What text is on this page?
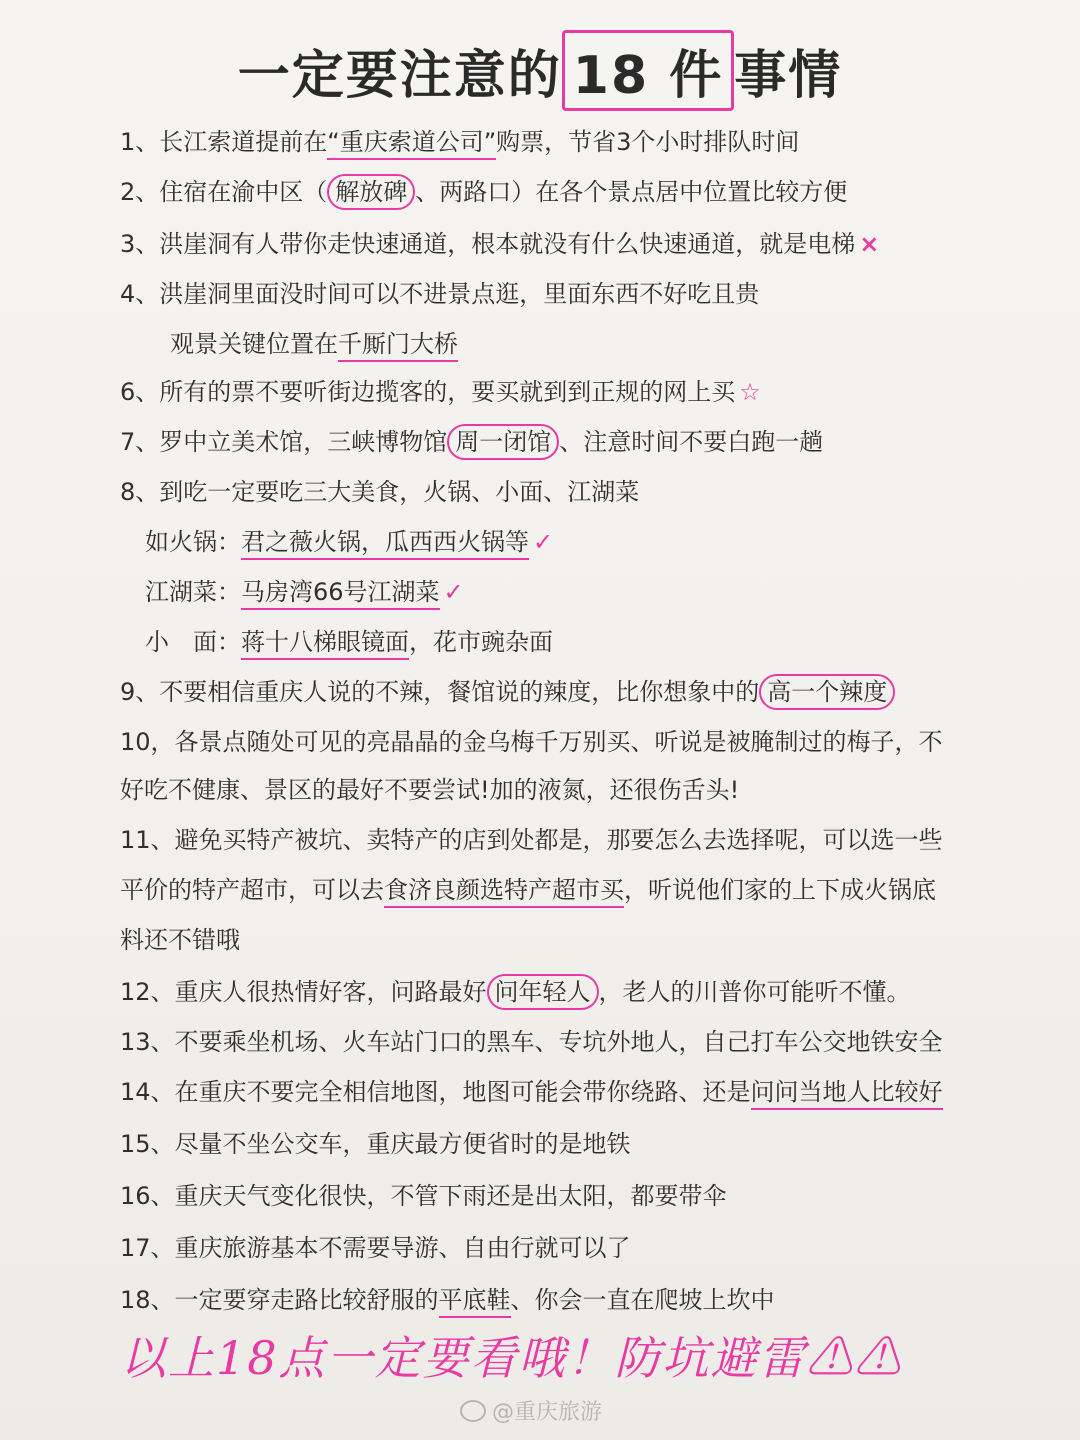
一定要注意的 18 件 事情
1、长江索道提前在“重庆索道公司”购票，节省3个小时排队时间
2、住宿在渝中区（ 解放碑 、两路口）在各个景点居中位置比较方便
3、洪崖洞有人带你走快速通道，根本就没有什么快速通道，就是电梯 ×
4、洪崖洞里面没时间可以不进景点逛，里面东西不好吃且贵
观景关键位置在千厮门大桥
6、所有的票不要听街边揽客的，要买就到到正规的网上买 ☆
7、罗中立美术馆，三峡博物馆 周一闭馆 、注意时间不要白跑一趟
8、到吃一定要吃三大美食，火锅、小面、江湖菜
如火锅：君之薇火锅，瓜西西火锅等 ✓
江湖菜：马房湾66号江湖菜 ✓
小　面：蒋十八梯眼镜面，花市豌杂面
9、不要相信重庆人说的不辣，餐馆说的辣度，比你想象中的 高一个辣度
10，各景点随处可见的亮晶晶的金乌梅千万别买、听说是被腌制过的梅子，不
好吃不健康、景区的最好不要尝试!加的液氮，还很伤舌头!
11、避免买特产被坑、卖特产的店到处都是，那要怎么去选择呢，可以选一些
平价的特产超市，可以去食济良颜选特产超市买，听说他们家的上下成火锅底
料还不错哦
12、重庆人很热情好客，问路最好 问年轻人 ，老人的川普你可能听不懂。
13、不要乘坐机场、火车站门口的黑车、专坑外地人，自己打车公交地铁安全
14、在重庆不要完全相信地图，地图可能会带你绕路、还是问问当地人比较好
15、尽量不坐公交车，重庆最方便省时的是地铁
16、重庆天气变化很快，不管下雨还是出太阳，都要带伞
17、重庆旅游基本不需要导游、自由行就可以了
18、一定要穿走路比较舒服的平底鞋、你会一直在爬坡上坎中
以上18点一定要看哦！防坑避雷⚠⚠
@重庆旅游
